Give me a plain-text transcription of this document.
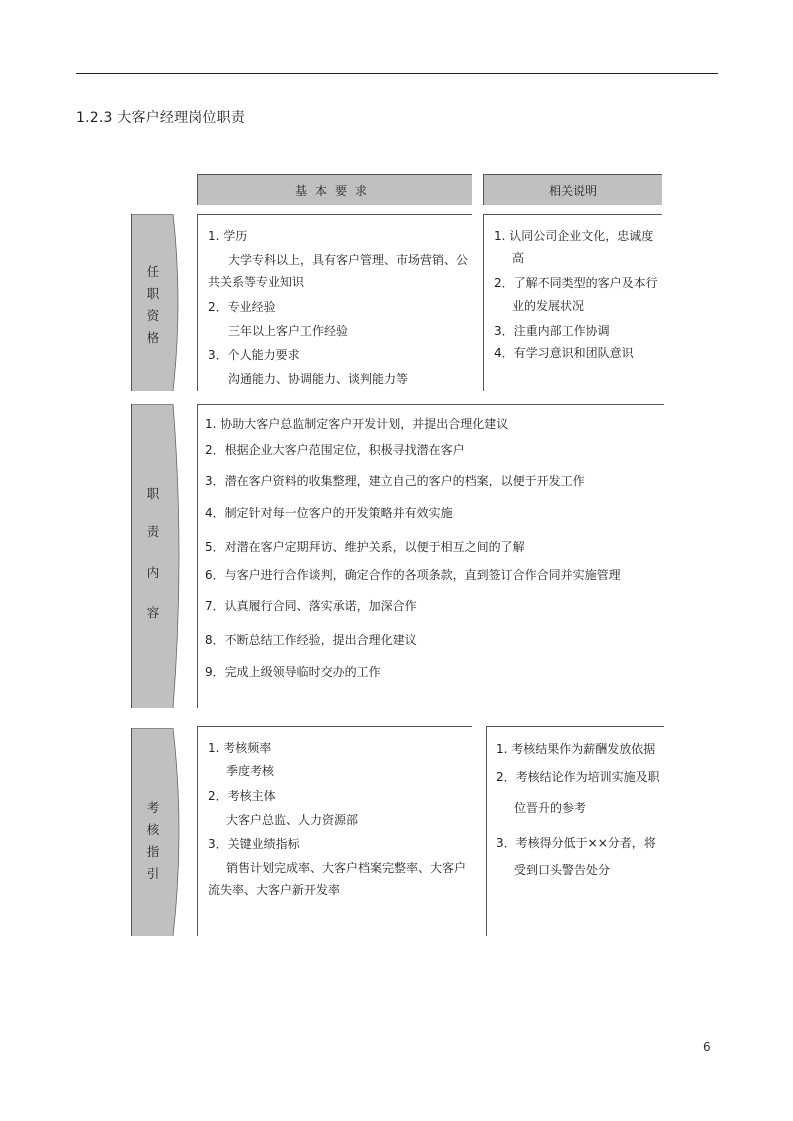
1.2.3 大客户经理岗位职责
基本要求	相关说明
任
职
资
格
1. 学历
大学专科以上，具有客户管理、市场营销、公
共关系等专业知识
2．专业经验
三年以上客户工作经验
3．个人能力要求
沟通能力、协调能力、谈判能力等
1. 认同公司企业文化，忠诚度
高
2．了解不同类型的客户及本行
业的发展状况
3．注重内部工作协调
4．有学习意识和团队意识
职
责
内
容
1. 协助大客户总监制定客户开发计划，并提出合理化建议
2．根据企业大客户范围定位，积极寻找潜在客户
3．潜在客户资料的收集整理，建立自己的客户的档案，以便于开发工作
4．制定针对每一位客户的开发策略并有效实施
5．对潜在客户定期拜访、维护关系，以便于相互之间的了解
6．与客户进行合作谈判，确定合作的各项条款，直到签订合作合同并实施管理
7．认真履行合同、落实承诺，加深合作
8．不断总结工作经验，提出合理化建议
9．完成上级领导临时交办的工作
考
核
指
引
1. 考核频率
季度考核
2．考核主体
大客户总监、人力资源部
3．关键业绩指标
销售计划完成率、大客户档案完整率、大客户
流失率、大客户新开发率
1. 考核结果作为薪酬发放依据
2．考核结论作为培训实施及职
位晋升的参考
3．考核得分低于××分者，将
受到口头警告处分
6
